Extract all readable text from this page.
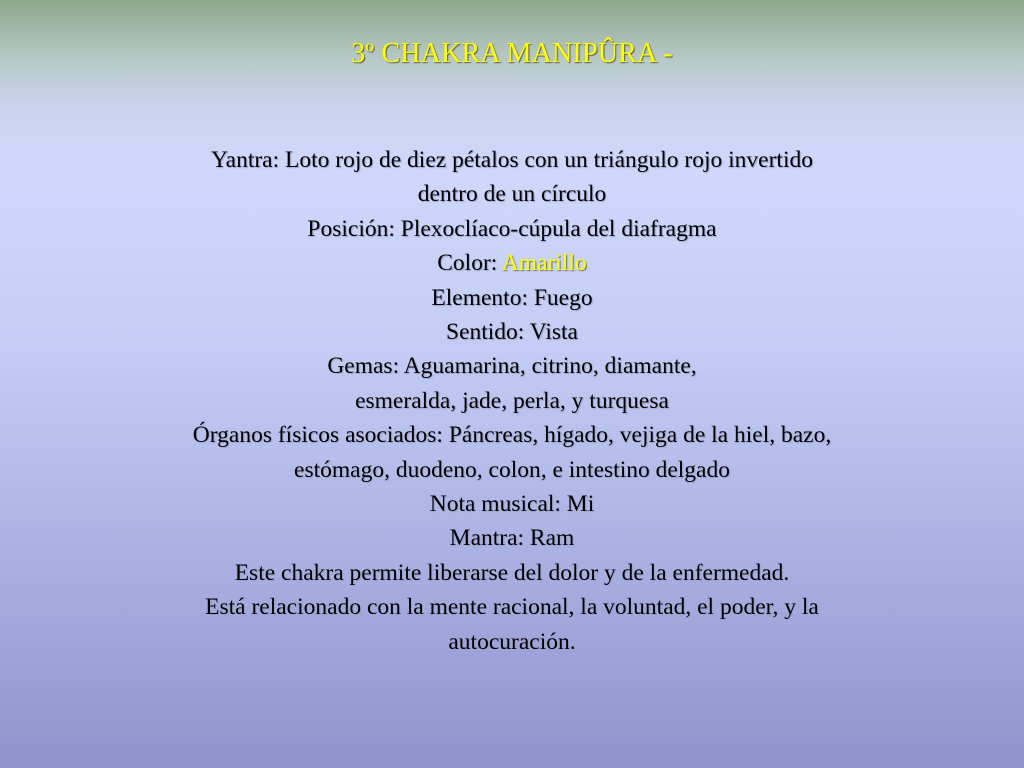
3º CHAKRA MANIPÛRA -
Yantra: Loto rojo de diez pétalos con un triángulo rojo invertido
dentro de un círculo
Posición: Plexoclíaco-cúpula del diafragma
Color: Amarillo
Elemento: Fuego
Sentido: Vista
Gemas: Aguamarina, citrino, diamante,
esmeralda, jade, perla, y turquesa
Órganos físicos asociados: Páncreas, hígado, vejiga de la hiel, bazo,
estómago, duodeno, colon, e intestino delgado
Nota musical: Mi
Mantra: Ram
Este chakra permite liberarse del dolor y de la enfermedad.
Está relacionado con la mente racional, la voluntad, el poder, y la
autocuración.
